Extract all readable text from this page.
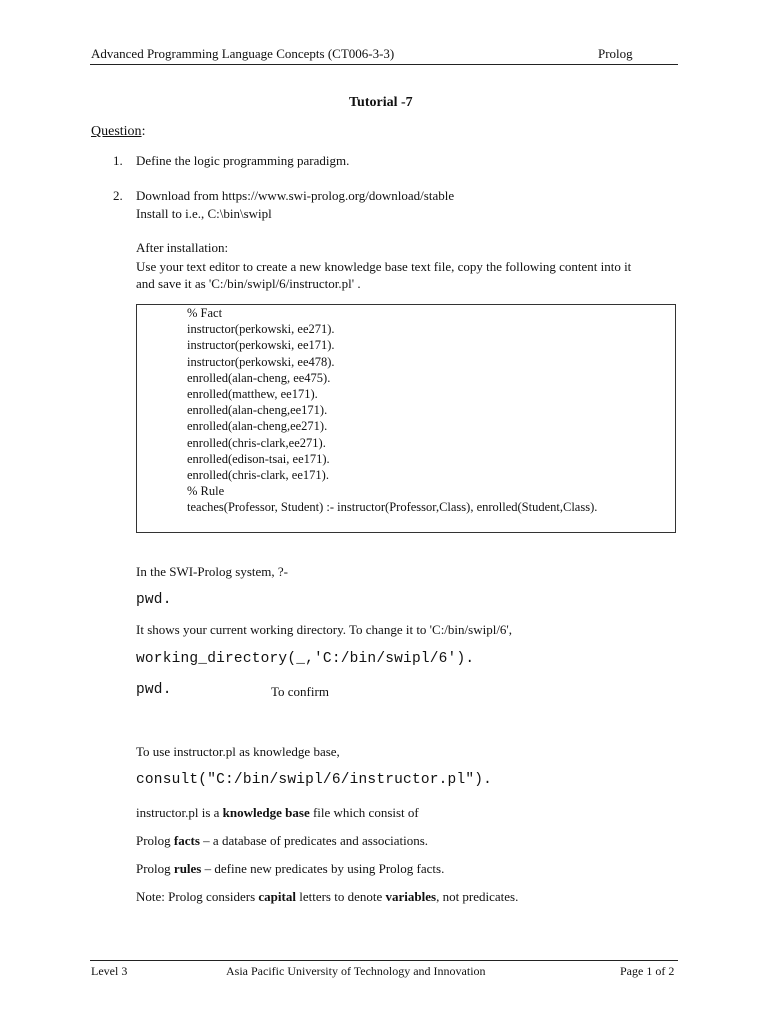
Advanced Programming Language Concepts (CT006-3-3)	Prolog
Tutorial -7
Question:
1. Define the logic programming paradigm.
2. Download from https://www.swi-prolog.org/download/stable
Install to i.e., C:\bin\swipl
After installation:
Use your text editor to create a new knowledge base text file, copy the following content into it
and save it as 'C:/bin/swipl/6/instructor.pl' .
% Fact
instructor(perkowski, ee271).
instructor(perkowski, ee171).
instructor(perkowski, ee478).
enrolled(alan-cheng, ee475).
enrolled(matthew, ee171).
enrolled(alan-cheng,ee171).
enrolled(alan-cheng,ee271).
enrolled(chris-clark,ee271).
enrolled(edison-tsai, ee171).
enrolled(chris-clark, ee171).
% Rule
teaches(Professor, Student) :- instructor(Professor,Class), enrolled(Student,Class).
In the SWI-Prolog system, ?-
pwd.
It shows your current working directory. To change it to 'C:/bin/swipl/6',
working_directory(_,'C:/bin/swipl/6').
pwd.	To confirm
To use instructor.pl as knowledge base,
consult("C:/bin/swipl/6/instructor.pl").
instructor.pl is a knowledge base file which consist of
Prolog facts – a database of predicates and associations.
Prolog rules – define new predicates by using Prolog facts.
Note: Prolog considers capital letters to denote variables, not predicates.
Level 3	Asia Pacific University of Technology and Innovation	Page 1 of 2
